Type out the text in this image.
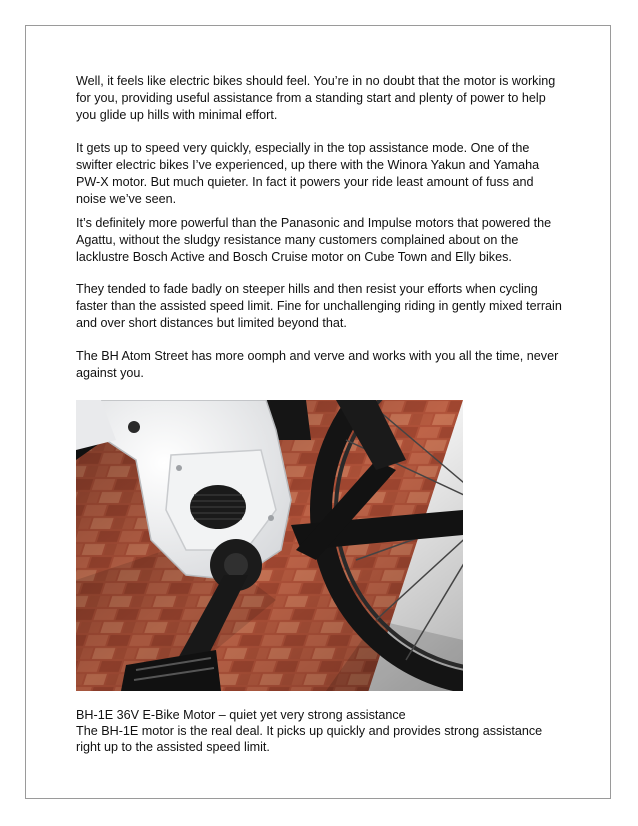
Well, it feels like electric bikes should feel. You’re in no doubt that the motor is working
for you, providing useful assistance from a standing start and plenty of power to help
you glide up hills with minimal effort.

It gets up to speed very quickly, especially in the top assistance mode. One of the
swifter electric bikes I’ve experienced, up there with the Winora Yakun and Yamaha
PW-X motor. But much quieter. In fact it powers your ride least amount of fuss and
noise we’ve seen.

It’s definitely more powerful than the Panasonic and Impulse motors that powered the
Agattu, without the sludgy resistance many customers complained about on the
lacklustre Bosch Active and Bosch Cruise motor on Cube Town and Elly bikes.

They tended to fade badly on steeper hills and then resist your efforts when cycling
faster than the assisted speed limit. Fine for unchallenging riding in gently mixed terrain
and over short distances but limited beyond that.

The BH Atom Street has more oomph and verve and works with you all the time, never
against you.

BH-1E 36V E-Bike Motor – quiet yet very strong assistance
The BH-1E motor is the real deal. It picks up quickly and provides strong assistance
right up to the assisted speed limit.
